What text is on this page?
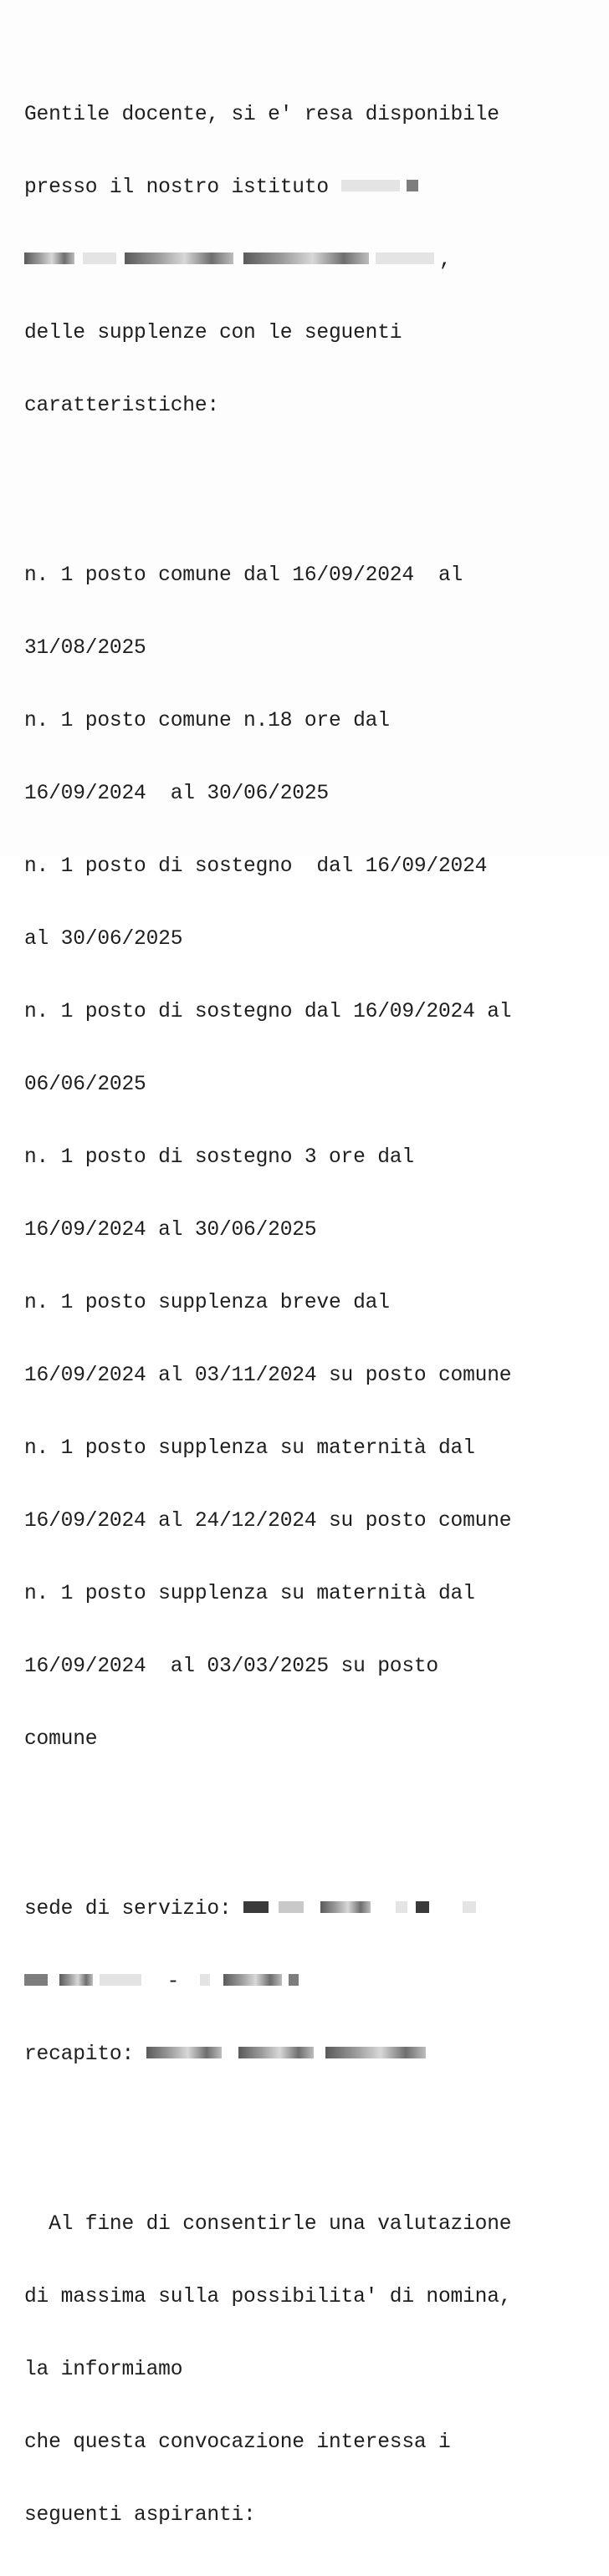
Gentile docente, si e' resa disponibile

presso il nostro istituto

,

delle supplenze con le seguenti

caratteristiche:

n. 1 posto comune dal 16/09/2024  al

31/08/2025

n. 1 posto comune n.18 ore dal

16/09/2024  al 30/06/2025

n. 1 posto di sostegno  dal 16/09/2024

al 30/06/2025

n. 1 posto di sostegno dal 16/09/2024 al

06/06/2025

n. 1 posto di sostegno 3 ore dal

16/09/2024 al 30/06/2025

n. 1 posto supplenza breve dal

16/09/2024 al 03/11/2024 su posto comune

n. 1 posto supplenza su maternità dal

16/09/2024 al 24/12/2024 su posto comune

n. 1 posto supplenza su maternità dal

16/09/2024  al 03/03/2025 su posto

comune

sede di servizio:

-

recapito:

Al fine di consentirle una valutazione

di massima sulla possibilita' di nomina,

la informiamo

che questa convocazione interessa i

seguenti aspiranti:
